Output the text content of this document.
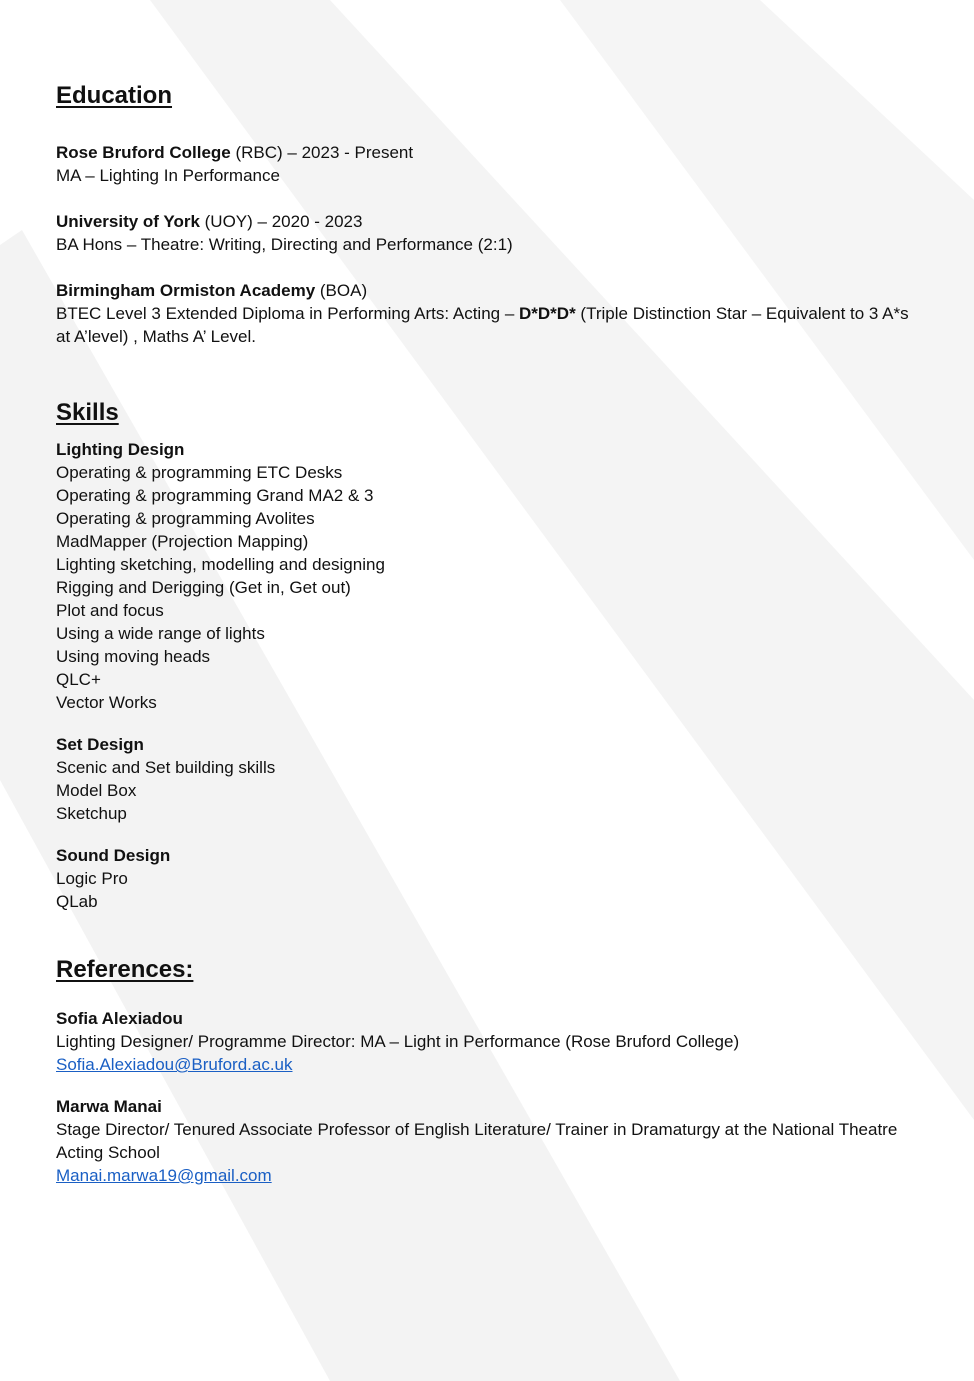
Education
Rose Bruford College (RBC) – 2023 - Present
MA – Lighting In Performance
University of York (UOY) – 2020 - 2023
BA Hons – Theatre: Writing, Directing and Performance (2:1)
Birmingham Ormiston Academy (BOA)
BTEC Level 3 Extended Diploma in Performing Arts: Acting – D*D*D* (Triple Distinction Star – Equivalent to 3 A*s at A’level) , Maths A’ Level.
Skills
Lighting Design
Operating & programming ETC Desks
Operating & programming Grand MA2 & 3
Operating & programming Avolites
MadMapper (Projection Mapping)
Lighting sketching, modelling and designing
Rigging and Derigging (Get in, Get out)
Plot and focus
Using a wide range of lights
Using moving heads
QLC+
Vector Works
Set Design
Scenic and Set building skills
Model Box
Sketchup
Sound Design
Logic Pro
QLab
References:
Sofia Alexiadou
Lighting Designer/ Programme Director: MA – Light in Performance (Rose Bruford College)
Sofia.Alexiadou@Bruford.ac.uk
Marwa Manai
Stage Director/ Tenured Associate Professor of English Literature/ Trainer in Dramaturgy at the National Theatre Acting School
Manai.marwa19@gmail.com
